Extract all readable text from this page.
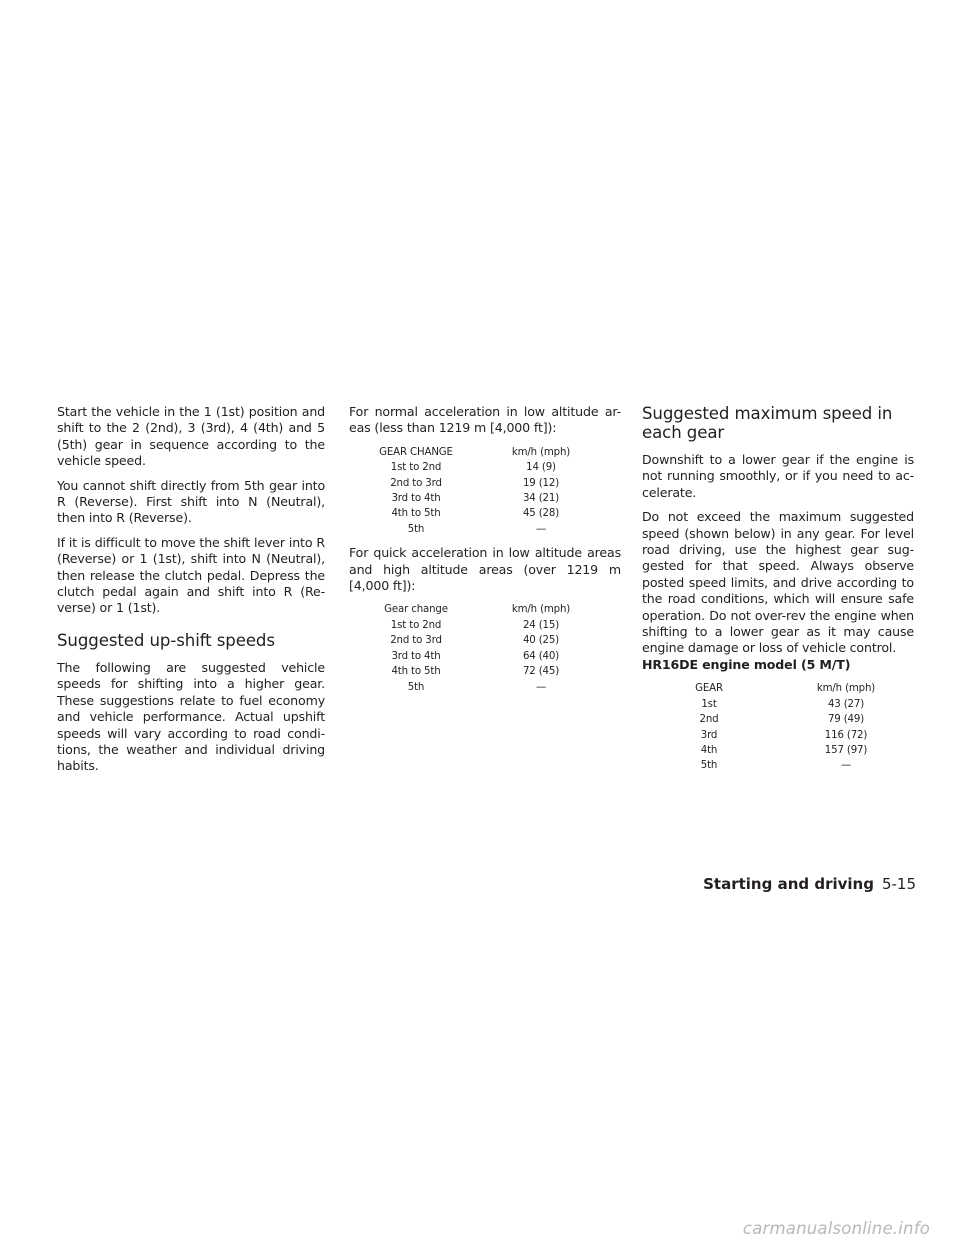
Start the vehicle in the 1 (1st) position and shift to the 2 (2nd), 3 (3rd), 4 (4th) and 5 (5th) gear in sequence according to the vehicle speed.

You cannot shift directly from 5th gear into R (Reverse). First shift into N (Neutral), then into R (Reverse).

If it is difficult to move the shift lever into R (Reverse) or 1 (1st), shift into N (Neutral), then release the clutch pedal. Depress the clutch pedal again and shift into R (Re-verse) or 1 (1st).

Suggested up-shift speeds

The following are suggested vehicle speeds for shifting into a higher gear. These suggestions relate to fuel economy and vehicle performance. Actual upshift speeds will vary according to road condi-tions, the weather and individual driving habits.

For normal acceleration in low altitude ar-eas (less than 1219 m [4,000 ft]):

GEAR CHANGE	km/h (mph)
1st to 2nd	14 (9)
2nd to 3rd	19 (12)
3rd to 4th	34 (21)
4th to 5th	45 (28)
5th	—

For quick acceleration in low altitude areas and high altitude areas (over 1219 m [4,000 ft]):

Gear change	km/h (mph)
1st to 2nd	24 (15)
2nd to 3rd	40 (25)
3rd to 4th	64 (40)
4th to 5th	72 (45)
5th	—
Suggested maximum speed in each gear

Downshift to a lower gear if the engine is not running smoothly, or if you need to ac-celerate.

Do not exceed the maximum suggested speed (shown below) in any gear. For level road driving, use the highest gear sug-gested for that speed. Always observe posted speed limits, and drive according to the road conditions, which will ensure safe operation. Do not over-rev the engine when shifting to a lower gear as it may cause engine damage or loss of vehicle control.

HR16DE engine model (5 M/T)
GEAR	km/h (mph)
1st	43 (27)
2nd	79 (49)
3rd	116 (72)
4th	157 (97)
5th	—
Starting and driving 5-15
carmanualsonline.info
